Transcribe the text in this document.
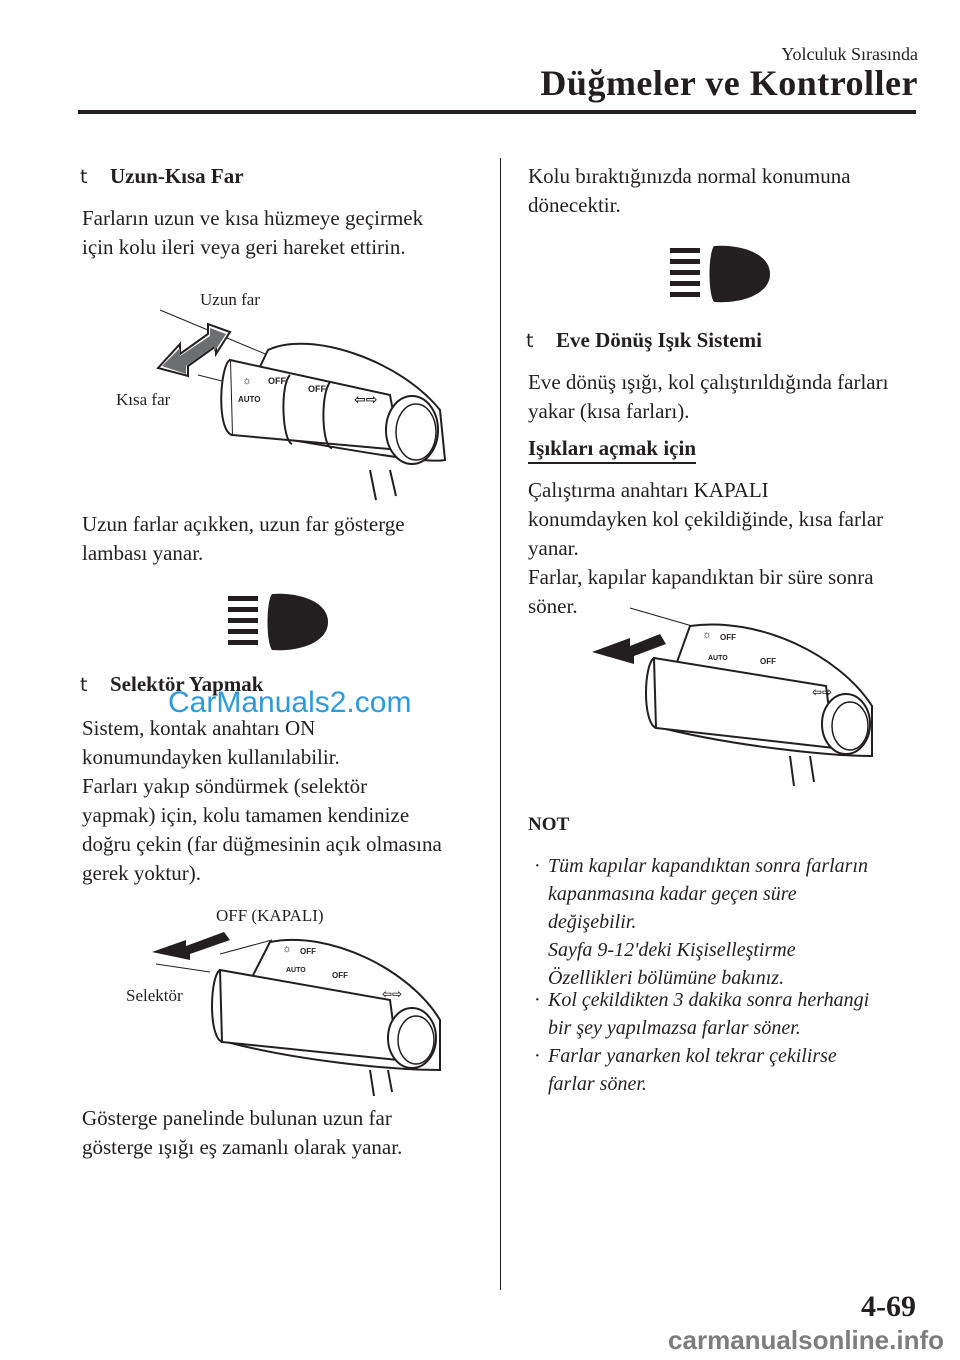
Yolculuk Sırasında
Düğmeler ve Kontroller
t Uzun-Kısa Far
Farların uzun ve kısa hüzmeye geçirmek
için kolu ileri veya geri hareket ettirin.
Uzun far
Kısa far
☼ OFF
AUTO
OFF
⇦⇨
Uzun farlar açıkken, uzun far gösterge
lambası yanar.
t Selektör Yapmak
CarManuals2.com
Sistem, kontak anahtarı ON
konumundayken kullanılabilir.
Farları yakıp söndürmek (selektör
yapmak) için, kolu tamamen kendinize
doğru çekin (far düğmesinin açık olmasına
gerek yoktur).
OFF (KAPALI)
Selektör
☼ OFF
AUTO
OFF
⇦⇨
Gösterge panelinde bulunan uzun far
gösterge ışığı eş zamanlı olarak yanar.
Kolu bıraktığınızda normal konumuna
dönecektir.
t Eve Dönüş Işık Sistemi
Eve dönüş ışığı, kol çalıştırıldığında farları
yakar (kısa farları).
Işıkları açmak için
Çalıştırma anahtarı KAPALI
konumdayken kol çekildiğinde, kısa farlar
yanar.
Farlar, kapılar kapandıktan bir süre sonra
söner.
☼ OFF
AUTO	OFF
⇦⇨
NOT
· Tüm kapılar kapandıktan sonra farların
kapanmasına kadar geçen süre
değişebilir.
Sayfa 9-12'deki Kişiselleştirme
Özellikleri bölümüne bakınız.
· Kol çekildikten 3 dakika sonra herhangi
bir şey yapılmazsa farlar söner.
· Farlar yanarken kol tekrar çekilirse
farlar söner.
4-69
carmanualsonline.info
